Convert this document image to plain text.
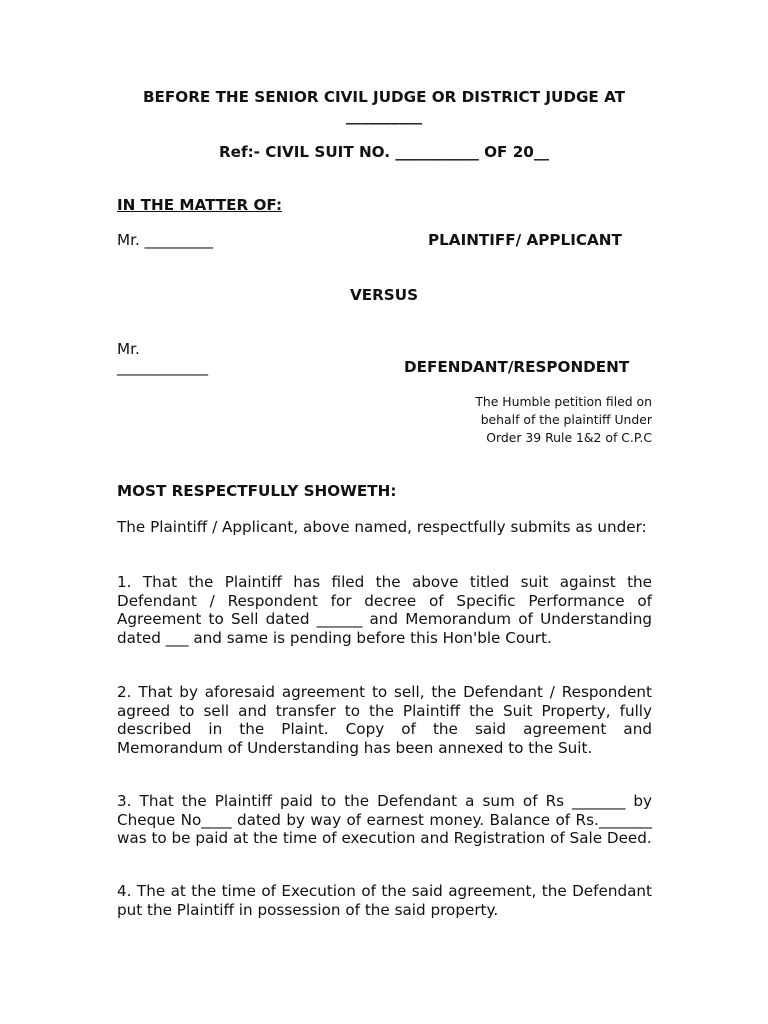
BEFORE THE SENIOR CIVIL JUDGE OR DISTRICT JUDGE AT
__________
Ref:- CIVIL SUIT NO. ___________ OF 20__
IN THE MATTER OF:
Mr. _________	PLAINTIFF/ APPLICANT
VERSUS
Mr.
____________	DEFENDANT/RESPONDENT
The Humble petition filed on
behalf of the plaintiff Under
Order 39 Rule 1&2 of C.P.C
MOST RESPECTFULLY SHOWETH:
The Plaintiff / Applicant, above named, respectfully submits as under:
1. That the Plaintiff has filed the above titled suit against the Defendant / Respondent for decree of Specific Performance of Agreement to Sell dated ______ and Memorandum of Understanding dated ___ and same is pending before this Hon'ble Court.
2. That by aforesaid agreement to sell, the Defendant / Respondent agreed to sell and transfer to the Plaintiff the Suit Property, fully described in the Plaint. Copy of the said agreement and Memorandum of Understanding has been annexed to the Suit.
3. That the Plaintiff paid to the Defendant a sum of Rs _______ by Cheque No____ dated by way of earnest money. Balance of Rs._______ was to be paid at the time of execution and Registration of Sale Deed.
4. The at the time of Execution of the said agreement, the Defendant put the Plaintiff in possession of the said property.
